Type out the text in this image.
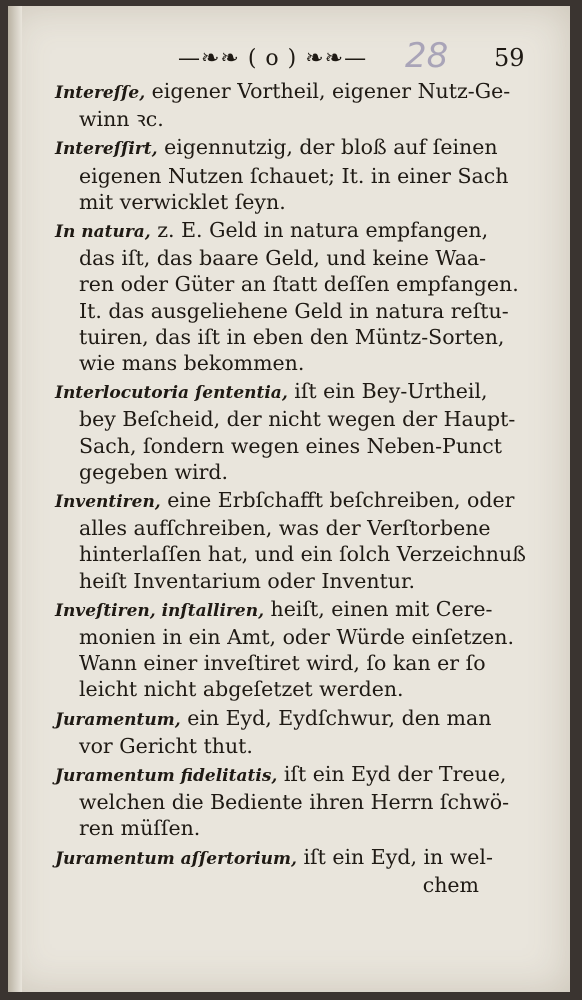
—❧❧ ( o ) ❧❧— 28 59

Intereſſe, eigener Vortheil, eigener Nutz-Ge-

winn ꝛc.

Intereſſirt, eigennutzig, der bloß auf ſeinen

eigenen Nutzen ſchauet; It. in einer Sach

mit verwicklet ſeyn.

In natura, z. E. Geld in natura empfangen,

das iſt, das baare Geld, und keine Waa-

ren oder Güter an ſtatt deſſen empfangen.

It. das ausgeliehene Geld in natura reſtu-

tuiren, das iſt in eben den Müntz-Sorten,

wie mans bekommen.

Interlocutoria ſententia, iſt ein Bey-Urtheil,

bey Beſcheid, der nicht wegen der Haupt-

Sach, ſondern wegen eines Neben-Punct

gegeben wird.

Inventiren, eine Erbſchafft beſchreiben, oder

alles aufſchreiben, was der Verſtorbene

hinterlaſſen hat, und ein ſolch Verzeichnuß

heiſt Inventarium oder Inventur.

Inveſtiren, inſtalliren, heiſt, einen mit Cere-

monien in ein Amt, oder Würde einſetzen.

Wann einer inveſtiret wird, ſo kan er ſo

leicht nicht abgeſetzet werden.

Juramentum, ein Eyd, Eydſchwur, den man

vor Gericht thut.

Juramentum fidelitatis, iſt ein Eyd der Treue,

welchen die Bediente ihren Herrn ſchwö-

ren müſſen.

Juramentum aſſertorium, iſt ein Eyd, in wel-

chem
